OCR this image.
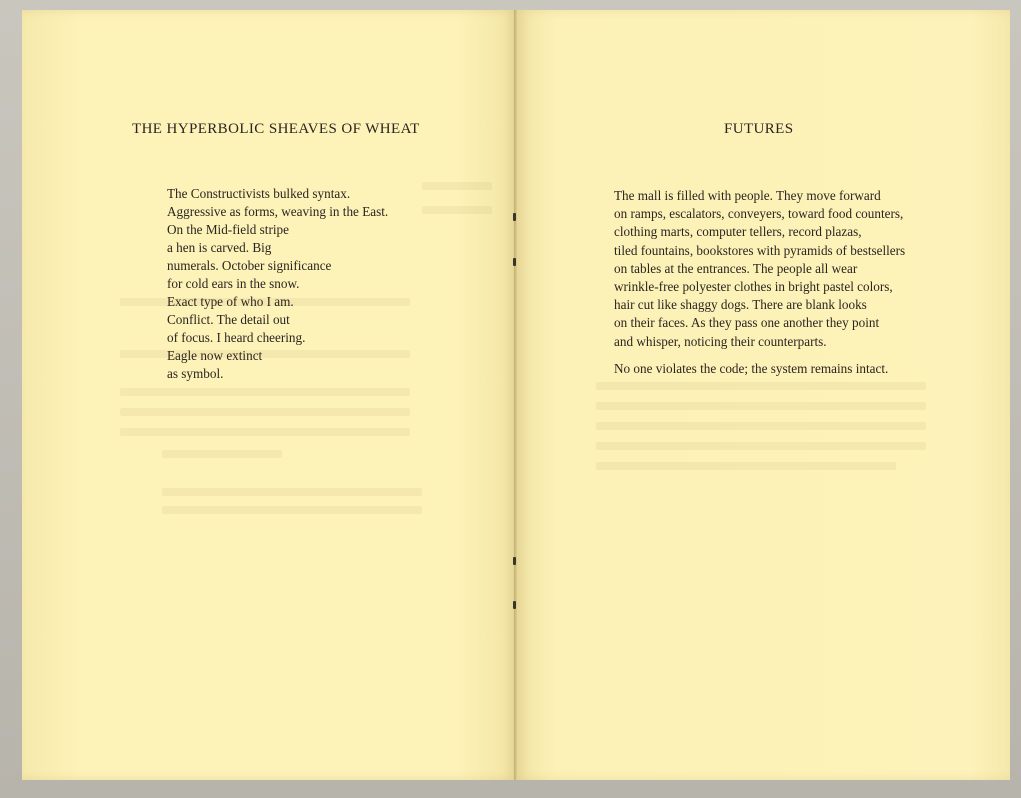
THE HYPERBOLIC SHEAVES OF WHEAT
The Constructivists bulked syntax.
Aggressive as forms, weaving in the East.
On the Mid-field stripe
a hen is carved. Big
numerals. October significance
for cold ears in the snow.
Exact type of who I am.
Conflict. The detail out
of focus. I heard cheering.
Eagle now extinct
as symbol.
FUTURES
The mall is filled with people. They move forward
on ramps, escalators, conveyers, toward food counters,
clothing marts, computer tellers, record plazas,
tiled fountains, bookstores with pyramids of bestsellers
on tables at the entrances. The people all wear
wrinkle-free polyester clothes in bright pastel colors,
hair cut like shaggy dogs. There are blank looks
on their faces. As they pass one another they point
and whisper, noticing their counterparts.
No one violates the code; the system remains intact.
